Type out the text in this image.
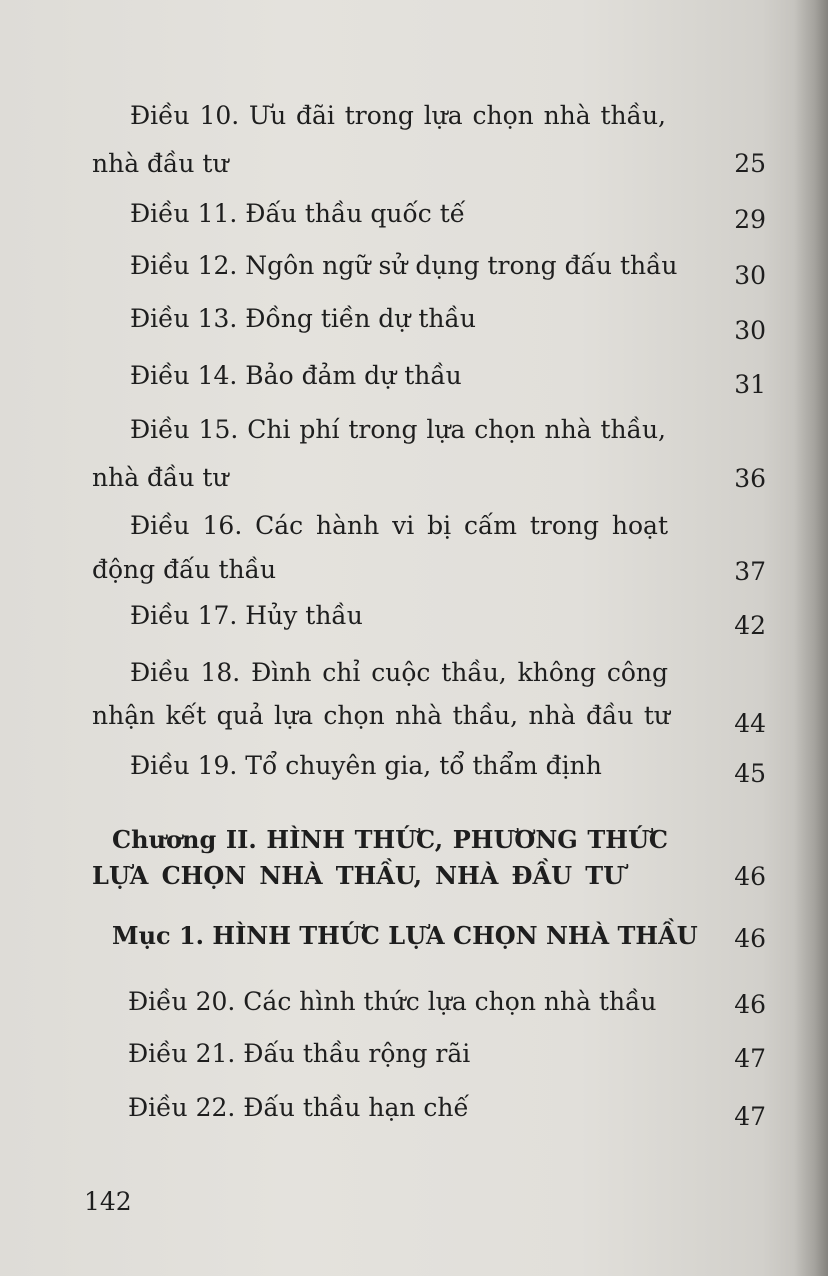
Điều 10. Ưu đãi trong lựa chọn nhà thầu,
nhà đầu tư	25
Điều 11. Đấu thầu quốc tế	29
Điều 12. Ngôn ngữ sử dụng trong đấu thầu	30
Điều 13. Đồng tiền dự thầu	30
Điều 14. Bảo đảm dự thầu	31
Điều 15. Chi phí trong lựa chọn nhà thầu,
nhà đầu tư	36
Điều 16. Các hành vi bị cấm trong hoạt
động đấu thầu	37
Điều 17. Hủy thầu	42
Điều 18. Đình chỉ cuộc thầu, không công
nhận kết quả lựa chọn nhà thầu, nhà đầu tư	44
Điều 19. Tổ chuyên gia, tổ thẩm định	45
Chương II. HÌNH THỨC, PHƯƠNG THỨC
LỰA CHỌN NHÀ THẦU, NHÀ ĐẦU TƯ	46
Mục 1. HÌNH THỨC LỰA CHỌN NHÀ THẦU	46
Điều 20. Các hình thức lựa chọn nhà thầu	46
Điều 21. Đấu thầu rộng rãi	47
Điều 22. Đấu thầu hạn chế	47
142
